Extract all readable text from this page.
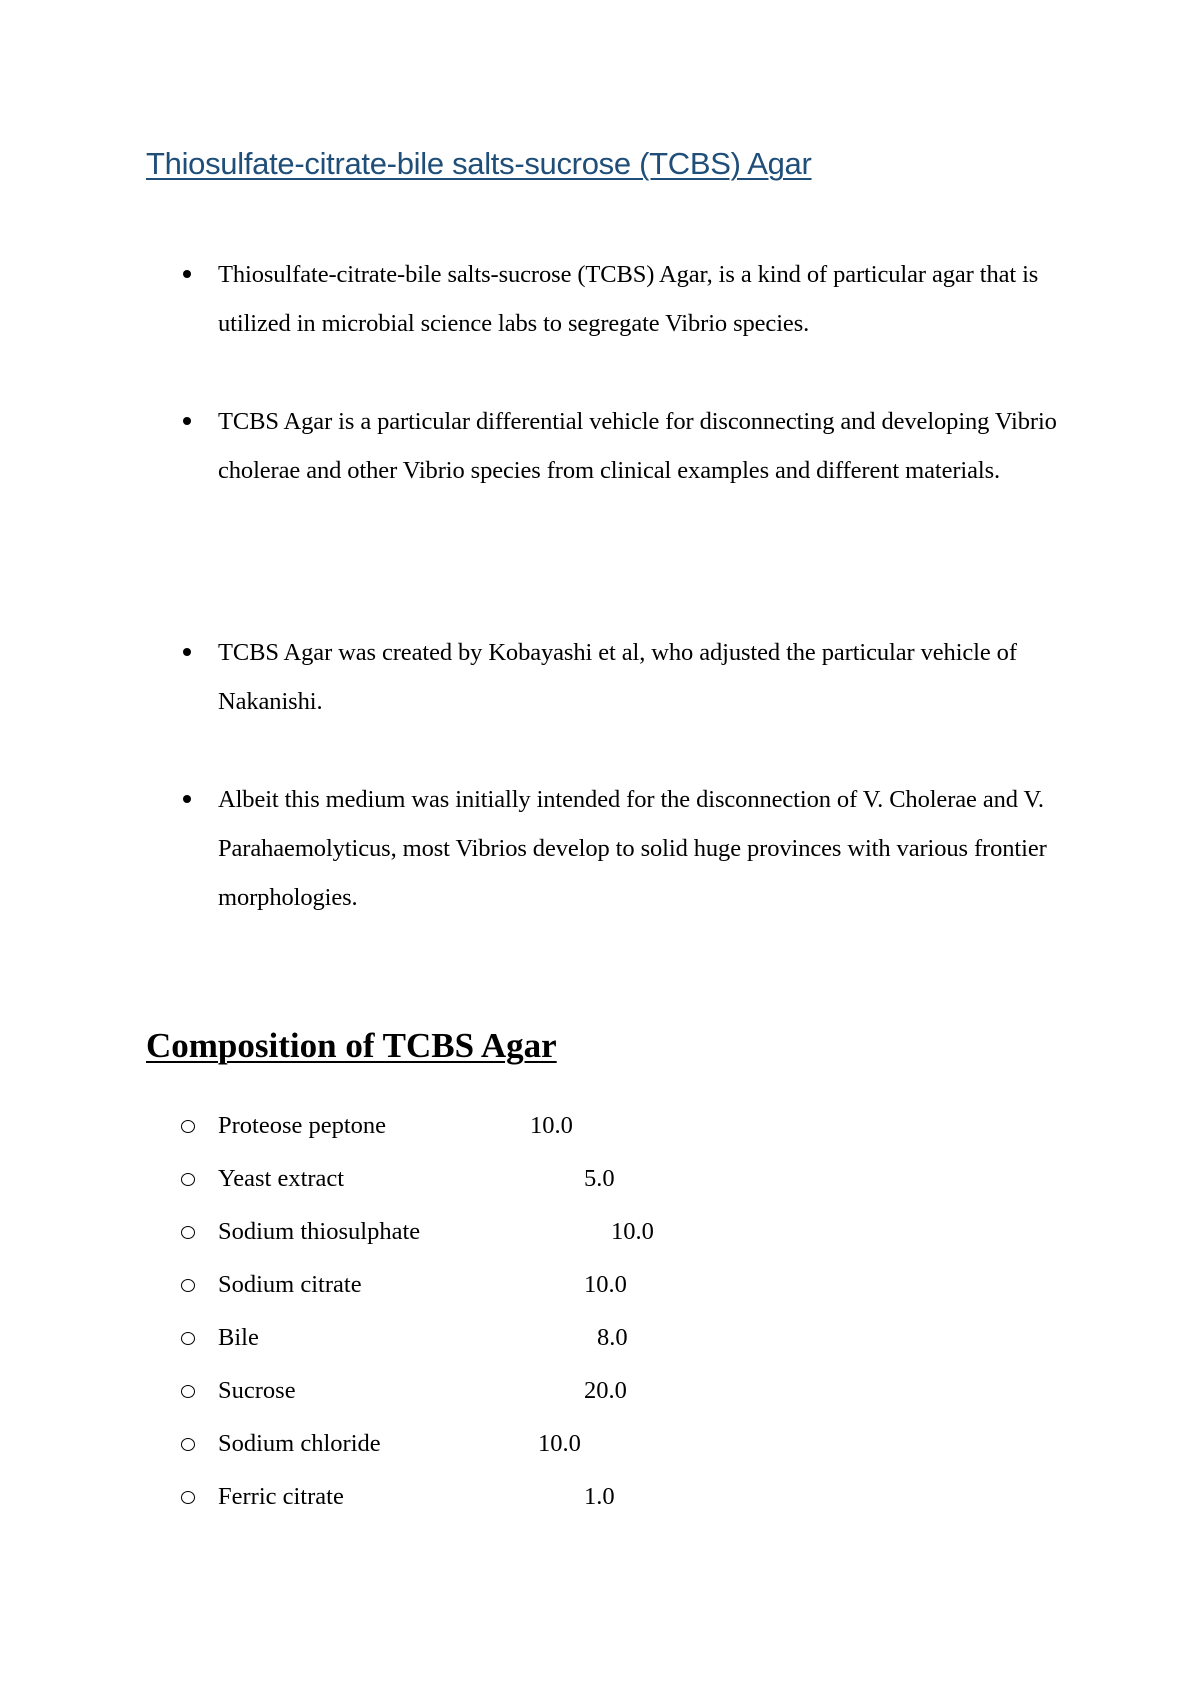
Thiosulfate-citrate-bile salts-sucrose (TCBS) Agar
Thiosulfate-citrate-bile salts-sucrose (TCBS) Agar, is a kind of particular agar that is utilized in microbial science labs to segregate Vibrio species.
TCBS Agar is a particular differential vehicle for disconnecting and developing Vibrio cholerae and other Vibrio species from clinical examples and different materials.
TCBS Agar was created by Kobayashi et al, who adjusted the particular vehicle of Nakanishi.
Albeit this medium was initially intended for the disconnection of V. Cholerae and V. Parahaemolyticus, most Vibrios develop to solid huge provinces with various frontier morphologies.
Composition of TCBS Agar
Proteose peptone	10.0
Yeast extract	5.0
Sodium thiosulphate	10.0
Sodium citrate	10.0
Bile	8.0
Sucrose	20.0
Sodium chloride	10.0
Ferric citrate	1.0
